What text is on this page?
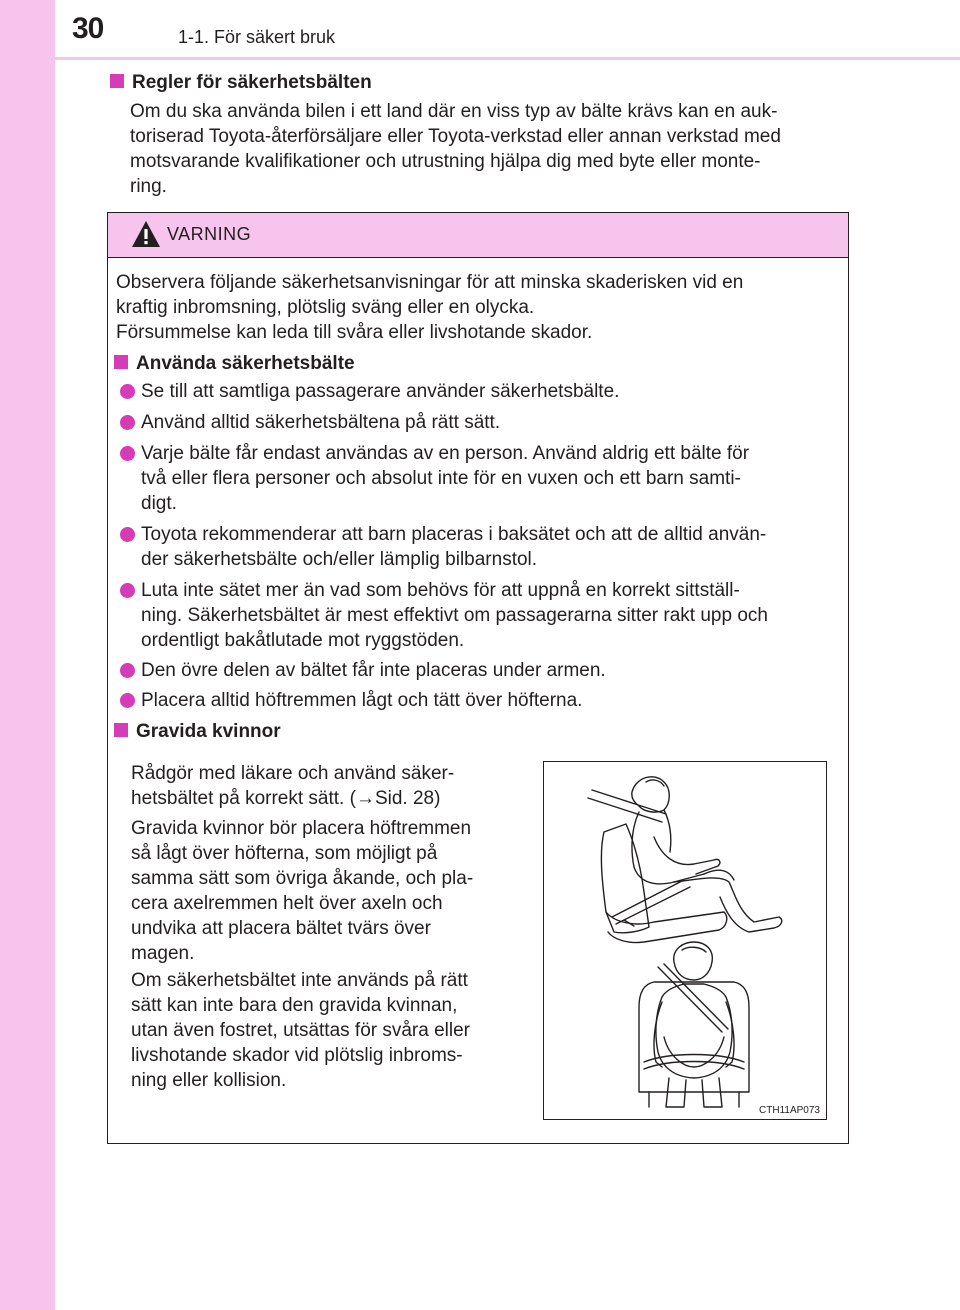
30	1-1. För säkert bruk
Regler för säkerhetsbälten
Om du ska använda bilen i ett land där en viss typ av bälte krävs kan en auk-
toriserad Toyota-återförsäljare eller Toyota-verkstad eller annan verkstad med
motsvarande kvalifikationer och utrustning hjälpa dig med byte eller monte-
ring.
VARNING
Observera följande säkerhetsanvisningar för att minska skaderisken vid en
kraftig inbromsning, plötslig sväng eller en olycka.
Försummelse kan leda till svåra eller livshotande skador.
Använda säkerhetsbälte
Se till att samtliga passagerare använder säkerhetsbälte.
Använd alltid säkerhetsbältena på rätt sätt.
Varje bälte får endast användas av en person. Använd aldrig ett bälte för
två eller flera personer och absolut inte för en vuxen och ett barn samti-
digt.
Toyota rekommenderar att barn placeras i baksätet och att de alltid använ-
der säkerhetsbälte och/eller lämplig bilbarnstol.
Luta inte sätet mer än vad som behövs för att uppnå en korrekt sittställ-
ning. Säkerhetsbältet är mest effektivt om passagerarna sitter rakt upp och
ordentligt bakåtlutade mot ryggstöden.
Den övre delen av bältet får inte placeras under armen.
Placera alltid höftremmen lågt och tätt över höfterna.
Gravida kvinnor
Rådgör med läkare och använd säker-
hetsbältet på korrekt sätt. (→Sid. 28)
Gravida kvinnor bör placera höftremmen
så lågt över höfterna, som möjligt på
samma sätt som övriga åkande, och pla-
cera axelremmen helt över axeln och
undvika att placera bältet tvärs över
magen.
Om säkerhetsbältet inte används på rätt
sätt kan inte bara den gravida kvinnan,
utan även fostret, utsättas för svåra eller
livshotande skador vid plötslig inbroms-
ning eller kollision.
CTH11AP073
